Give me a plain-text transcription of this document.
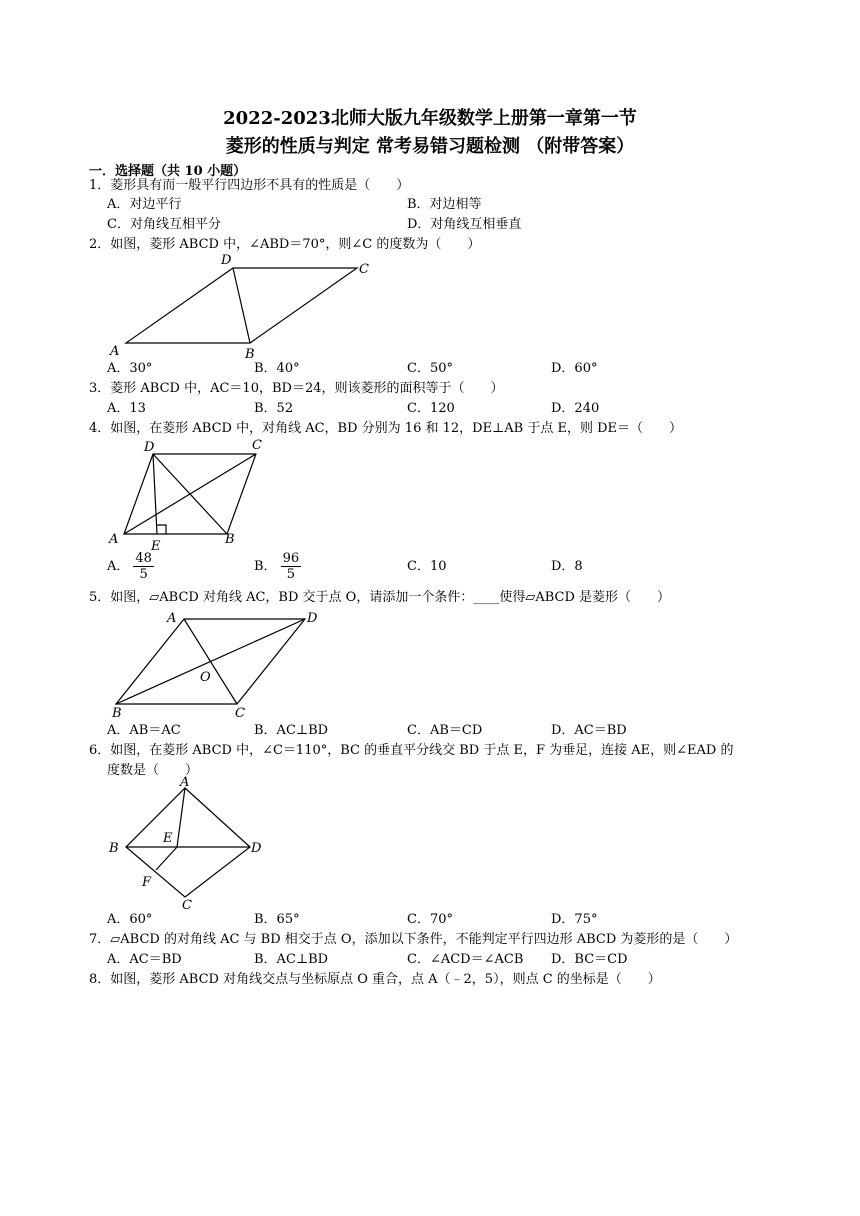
2022-2023北师大版九年级数学上册第一章第一节
菱形的性质与判定 常考易错习题检测 （附带答案）
一．选择题（共 10 小题）
1．菱形具有而一般平行四边形不具有的性质是（　　）
A．对边平行	B．对边相等
C．对角线互相平分	D．对角线互相垂直
2．如图，菱形 ABCD 中，∠ABD＝70°，则∠C 的度数为（　　）
A	B
C
D
A．30°	B．40°	C．50°	D．60°
3．菱形 ABCD 中，AC＝10，BD＝24，则该菱形的面积等于（　　）
A．13	B．52	C．120	D．240
4．如图，在菱形 ABCD 中，对角线 AC，BD 分别为 16 和 12，DE⊥AB 于点 E，则 DE＝（　　）
A	B
C
D
E
A． $\frac{48}{5}$	B． $\frac{96}{5}$	C．10	D．8
5．如图，▱ABCD 对角线 AC，BD 交于点 O，请添加一个条件：____使得▱ABCD 是菱形（　　）
A
B	C
D
O
A．AB＝AC	B．AC⊥BD	C．AB＝CD	D．AC＝BD
6．如图，在菱形 ABCD 中，∠C＝110°，BC 的垂直平分线交 BD 于点 E，F 为垂足，连接 AE，则∠EAD 的
度数是（　　）
A
B
C
D
E
F
A．60°	B．65°	C．70°	D．75°
7．▱ABCD 的对角线 AC 与 BD 相交于点 O，添加以下条件，不能判定平行四边形 ABCD 为菱形的是（　　）
A．AC＝BD	B．AC⊥BD	C．∠ACD＝∠ACB D．BC＝CD
8．如图，菱形 ABCD 对角线交点与坐标原点 O 重合，点 A（﹣2，5），则点 C 的坐标是（　　）
